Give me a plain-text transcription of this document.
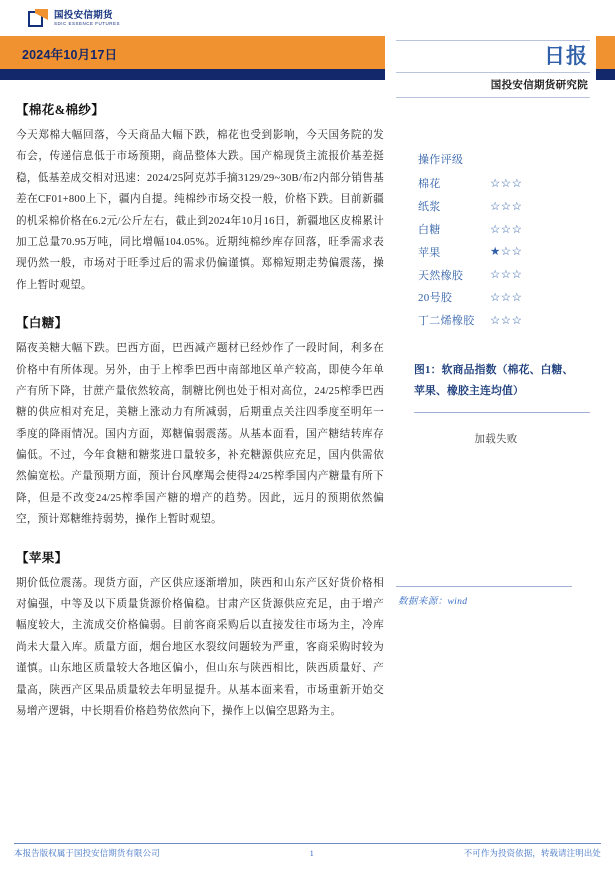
国投安信期货
SDIC ESSENCE FUTURES
2024年10月17日	日报
国投安信期货研究院
【棉花&棉纱】

今天郑棉大幅回落，今天商品大幅下跌，棉花也受到影响，今天国务院的发布会，传递信息低于市场预期，商品整体大跌。国产棉现货主流报价基差挺稳，低基差成交相对迅速：2024/25阿克苏手摘3129/29~30B/布2内部分销售基差在CF01+800上下，疆内自提。纯棉纱市场交投一般，价格下跌。目前新疆的机采棉价格在6.2元/公斤左右，截止到2024年10月16日，新疆地区皮棉累计加工总量70.95万吨，同比增幅104.05%。近期纯棉纱库存回落，旺季需求表现仍然一般，市场对于旺季过后的需求仍偏谨慎。郑棉短期走势偏震荡，操作上暂时观望。

【白糖】

隔夜美糖大幅下跌。巴西方面，巴西减产题材已经炒作了一段时间，利多在价格中有所体现。另外，由于上榨季巴西中南部地区单产较高，即使今年单产有所下降，甘蔗产量依然较高，制糖比例也处于相对高位，24/25榨季巴西糖的供应相对充足，美糖上涨动力有所减弱，后期重点关注四季度至明年一季度的降雨情况。国内方面，郑糖偏弱震荡。从基本面看，国产糖结转库存偏低。不过，今年食糖和糖浆进口量较多，补充糖源供应充足，国内供需依然偏宽松。产量预期方面，预计台风摩羯会使得24/25榨季国内产糖量有所下降，但是不改变24/25榨季国产糖的增产的趋势。因此，远月的预期依然偏空，预计郑糖维持弱势，操作上暂时观望。

【苹果】

期价低位震荡。现货方面，产区供应逐渐增加，陕西和山东产区好货价格相对偏强，中等及以下质量货源价格偏稳。甘肃产区货源供应充足，由于增产幅度较大，主流成交价格偏弱。目前客商采购后以直接发往市场为主，冷库尚未大量入库。质量方面，烟台地区水裂纹问题较为严重，客商采购时较为谨慎。山东地区质量较大各地区偏小，但山东与陕西相比，陕西质量好、产量高，陕西产区果品质量较去年明显提升。从基本面来看，市场重新开始交易增产逻辑，中长期看价格趋势依然向下，操作上以偏空思路为主。

操作评级	
棉花	☆☆☆
纸浆	☆☆☆
白糖	☆☆☆
苹果	★☆☆
天然橡胶	☆☆☆
20号胶	☆☆☆
丁二烯橡胶	☆☆☆
图1：软商品指数（棉花、白糖、苹果、橡胶主连均值）
加载失败
数据来源：wind
本报告版权属于国投安信期货有限公司	1	不可作为投资依据，转载请注明出处
